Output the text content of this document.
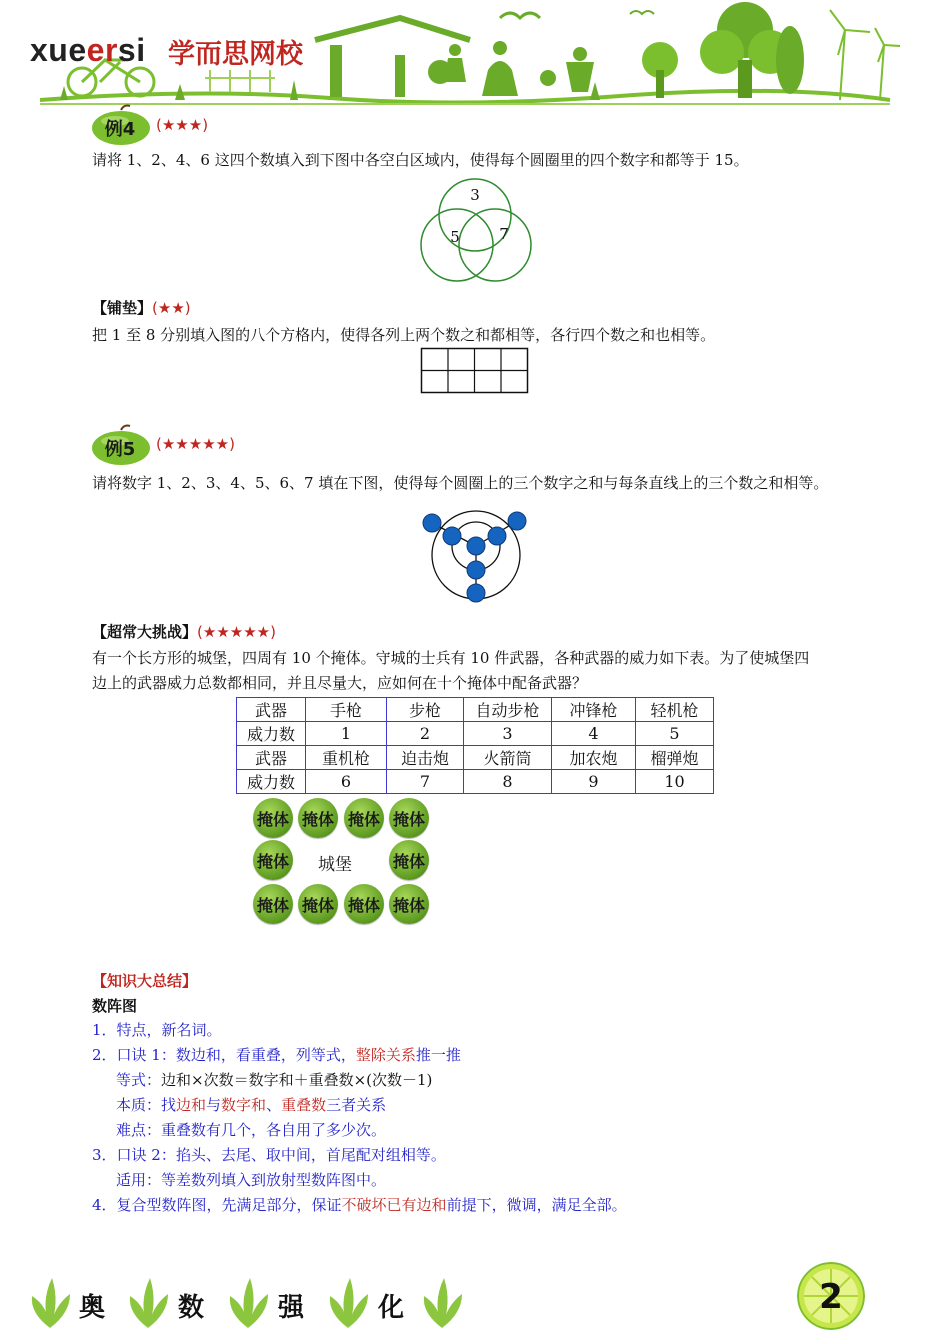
xueersi 学而思网校
例4 (★★★)
请将 1、2、4、6 这四个数填入到下图中各空白区域内，使得每个圆圈里的四个数字和都等于 15。
3
5	7
【铺垫】(★★)
把 1 至 8 分别填入图的八个方格内，使得各列上两个数之和都相等，各行四个数之和也相等。
例5 (★★★★★)
请将数字 1、2、3、4、5、6、7 填在下图，使得每个圆圈上的三个数字之和与每条直线上的三个数之和相等。
【超常大挑战】(★★★★★)
有一个长方形的城堡，四周有 10 个掩体。守城的士兵有 10 件武器，各种武器的威力如下表。为了使城堡四
边上的武器威力总数都相同，并且尽量大，应如何在十个掩体中配备武器？
武器	手枪	步枪	自动步枪	冲锋枪	轻机枪
威力数	1	2	3	4	5
武器	重机枪	迫击炮	火箭筒	加农炮	榴弹炮
威力数	6	7	8	9	10
掩体 掩体 掩体 掩体
掩体 城堡	掩体
掩体 掩体 掩体 掩体
【知识大总结】
数阵图
1．特点，新名词。
2．口诀 1：数边和，看重叠，列等式，整除关系推一推
等式：边和×次数＝数字和＋重叠数×(次数－1)
本质：找边和与数字和、重叠数三者关系
难点：重叠数有几个，各自用了多少次。
3．口诀 2：掐头、去尾、取中间，首尾配对组相等。
适用：等差数列填入到放射型数阵图中。
4．复合型数阵图，先满足部分，保证不破坏已有边和前提下，微调，满足全部。
奥	数	强	化	2
